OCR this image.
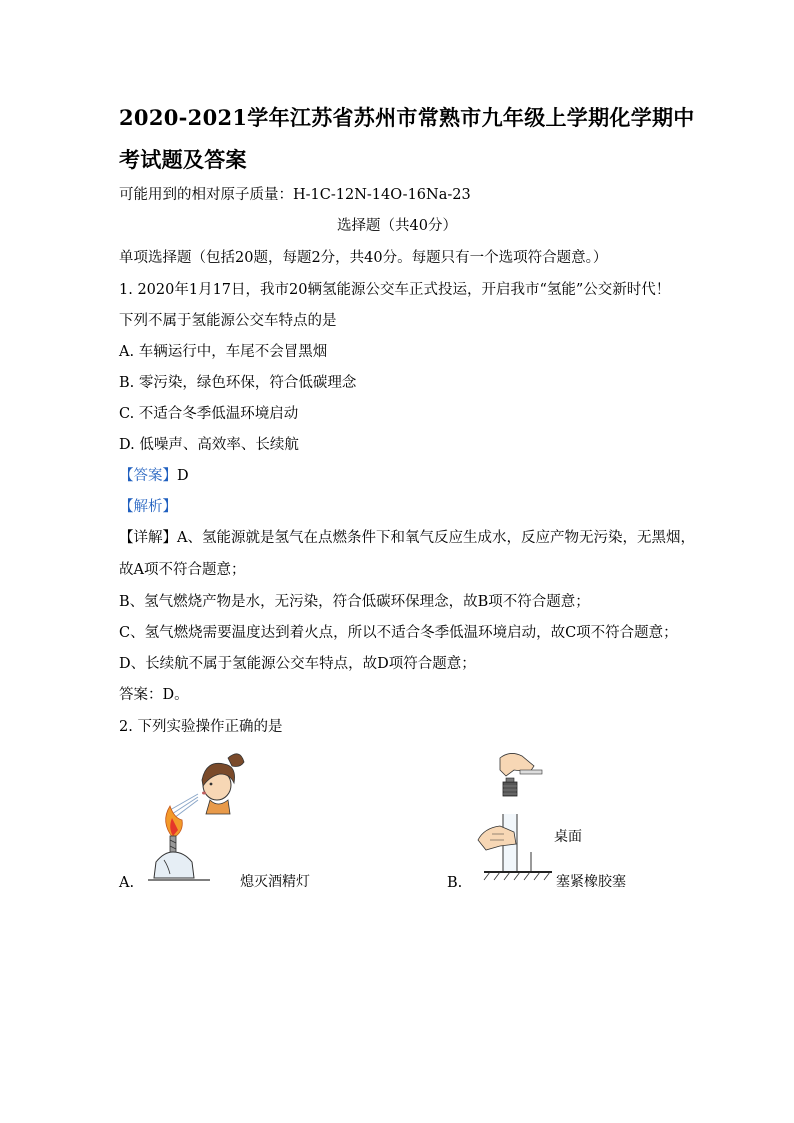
2020-2021学年江苏省苏州市常熟市九年级上学期化学期中
考试题及答案
可能用到的相对原子质量：H-1C-12N-14O-16Na-23
选择题（共40分）
单项选择题（包括20题，每题2分，共40分。每题只有一个选项符合题意。）
1. 2020年1月17日，我市20辆氢能源公交车正式投运，开启我市“氢能”公交新时代！
下列不属于氢能源公交车特点的是
A. 车辆运行中，车尾不会冒黑烟
B. 零污染，绿色环保，符合低碳理念
C. 不适合冬季低温环境启动
D. 低噪声、高效率、长续航
【答案】D
【解析】
【详解】A、氢能源就是氢气在点燃条件下和氧气反应生成水，反应产物无污染，无黑烟，
故A项不符合题意；
B、氢气燃烧产物是水，无污染，符合低碳环保理念，故B项不符合题意；
C、氢气燃烧需要温度达到着火点，所以不适合冬季低温环境启动，故C项不符合题意；
D、长续航不属于氢能源公交车特点，故D项符合题意；
答案：D。
2. 下列实验操作正确的是
A.	熄灭酒精灯
桌面
B.	塞紧橡胶塞
